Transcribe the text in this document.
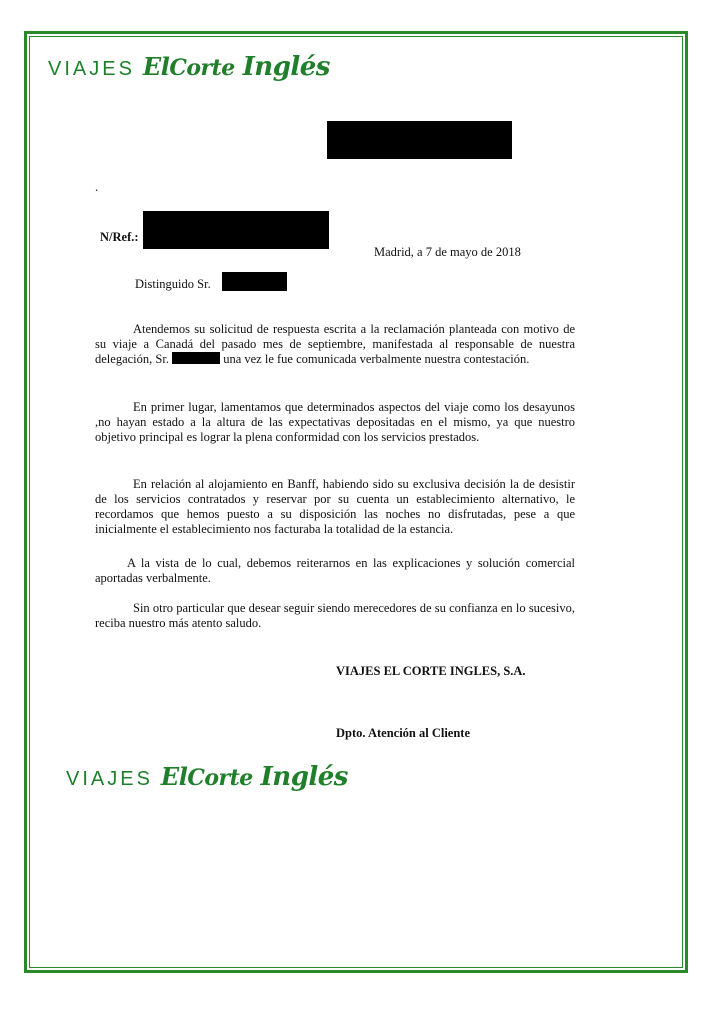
VIAJES ElCorte Inglés
.
N/Ref.:
Madrid, a 7 de mayo de 2018
Distinguido Sr.
Atendemos su solicitud de respuesta escrita a la reclamación planteada con motivo de su viaje a Canadá del pasado mes de septiembre, manifestada al responsable de nuestra delegación, Sr.	una vez le fue comunicada verbalmente nuestra contestación.
En primer lugar, lamentamos que determinados aspectos del viaje como los desayunos ,no hayan estado a la altura de las expectativas depositadas en el mismo, ya que nuestro objetivo principal es lograr la plena conformidad con los servicios prestados.
En relación al alojamiento en Banff, habiendo sido su exclusiva decisión la de desistir de los servicios contratados y reservar por su cuenta un establecimiento alternativo, le recordamos que hemos puesto a su disposición las noches no disfrutadas, pese a que inicialmente el establecimiento nos facturaba la totalidad de la estancia.
A la vista de lo cual, debemos reiterarnos en las explicaciones y solución comercial aportadas verbalmente.
Sin otro particular que desear seguir siendo merecedores de su confianza en lo sucesivo, reciba nuestro más atento saludo.
VIAJES EL CORTE INGLES, S.A.
Dpto. Atención al Cliente
VIAJES ElCorte Inglés
